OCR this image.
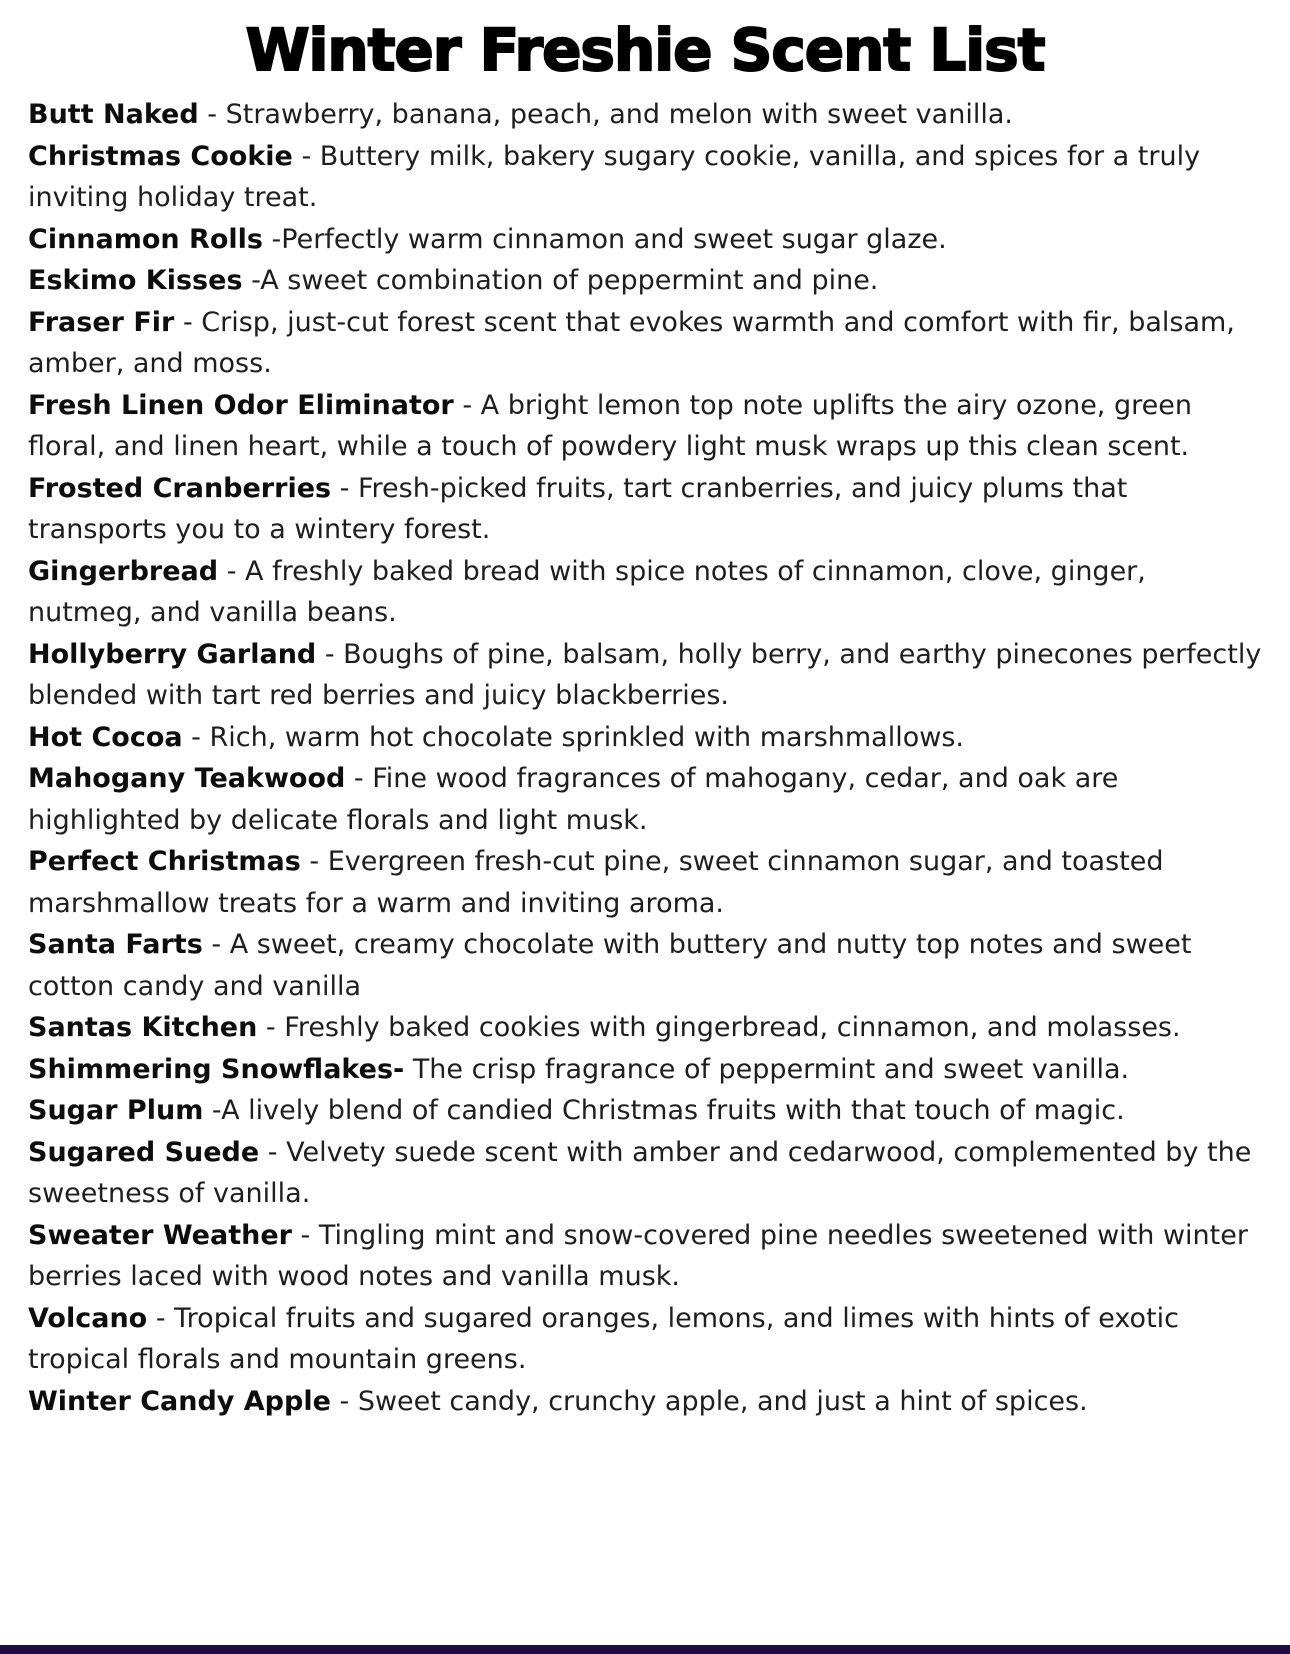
Winter Freshie Scent List

Butt Naked - Strawberry, banana, peach, and melon with sweet vanilla.

Christmas Cookie - Buttery milk, bakery sugary cookie, vanilla, and spices for a truly inviting holiday treat.

Cinnamon Rolls -Perfectly warm cinnamon and sweet sugar glaze.

Eskimo Kisses -A sweet combination of peppermint and pine.

Fraser Fir - Crisp, just-cut forest scent that evokes warmth and comfort with fir, balsam, amber, and moss.

Fresh Linen Odor Eliminator - A bright lemon top note uplifts the airy ozone, green floral, and linen heart, while a touch of powdery light musk wraps up this clean scent.

Frosted Cranberries - Fresh-picked fruits, tart cranberries, and juicy plums that transports you to a wintery forest.

Gingerbread - A freshly baked bread with spice notes of cinnamon, clove, ginger, nutmeg, and vanilla beans.

Hollyberry Garland - Boughs of pine, balsam, holly berry, and earthy pinecones perfectly blended with tart red berries and juicy blackberries.

Hot Cocoa - Rich, warm hot chocolate sprinkled with marshmallows.

Mahogany Teakwood - Fine wood fragrances of mahogany, cedar, and oak are highlighted by delicate florals and light musk.

Perfect Christmas - Evergreen fresh-cut pine, sweet cinnamon sugar, and toasted marshmallow treats for a warm and inviting aroma.

Santa Farts - A sweet, creamy chocolate with buttery and nutty top notes and sweet cotton candy and vanilla

Santas Kitchen - Freshly baked cookies with gingerbread, cinnamon, and molasses.

Shimmering Snowflakes- The crisp fragrance of peppermint and sweet vanilla.

Sugar Plum -A lively blend of candied Christmas fruits with that touch of magic.

Sugared Suede - Velvety suede scent with amber and cedarwood, complemented by the sweetness of vanilla.

Sweater Weather - Tingling mint and snow-covered pine needles sweetened with winter berries laced with wood notes and vanilla musk.

Volcano - Tropical fruits and sugared oranges, lemons, and limes with hints of exotic tropical florals and mountain greens.

Winter Candy Apple - Sweet candy, crunchy apple, and just a hint of spices.
